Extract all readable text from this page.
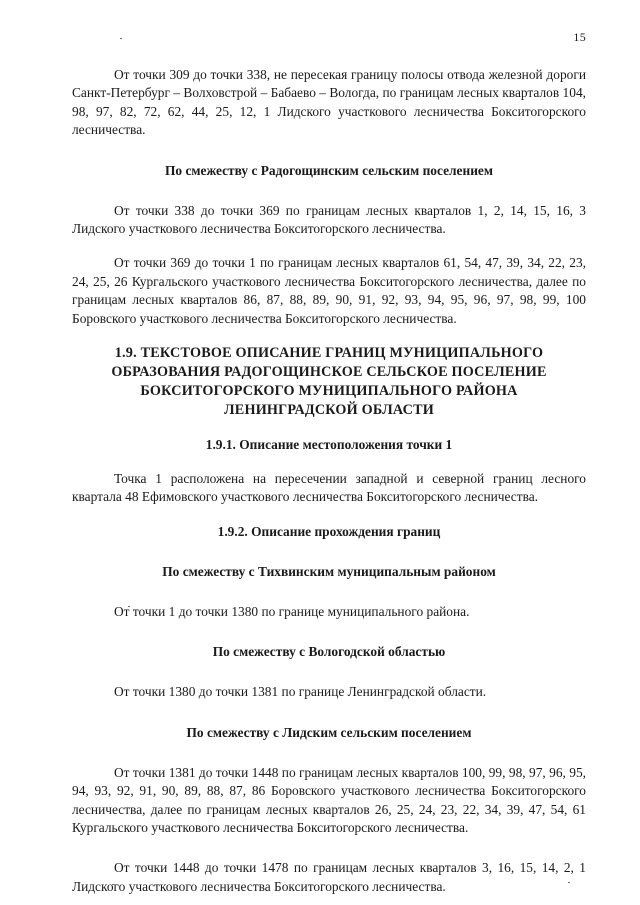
15

От точки 309 до точки 338, не пересекая границу полосы отвода железной дороги Санкт-Петербург – Волховстрой – Бабаево – Вологда, по границам лесных кварталов 104, 98, 97, 82, 72, 62, 44, 25, 12, 1 Лидского участкового лесничества Бокситогорского лесничества.

По смежеству с Радогощинским сельским поселением

От точки 338 до точки 369 по границам лесных кварталов 1, 2, 14, 15, 16, 3 Лидского участкового лесничества Бокситогорского лесничества.

От точки 369 до точки 1 по границам лесных кварталов 61, 54, 47, 39, 34, 22, 23, 24, 25, 26 Кургальского участкового лесничества Бокситогорского лесничества, далее по границам лесных кварталов 86, 87, 88, 89, 90, 91, 92, 93, 94, 95, 96, 97, 98, 99, 100 Боровского участкового лесничества Бокситогорского лесничества.

1.9. ТЕКСТОВОЕ ОПИСАНИЕ ГРАНИЦ МУНИЦИПАЛЬНОГО
ОБРАЗОВАНИЯ РАДОГОЩИНСКОЕ СЕЛЬСКОЕ ПОСЕЛЕНИЕ
БОКСИТОГОРСКОГО МУНИЦИПАЛЬНОГО РАЙОНА
ЛЕНИНГРАДСКОЙ ОБЛАСТИ
1.9.1. Описание местоположения точки 1

Точка 1 расположена на пересечении западной и северной границ лесного квартала 48 Ефимовского участкового лесничества Бокситогорского лесничества.

1.9.2. Описание прохождения границ
По смежеству с Тихвинским муниципальным районом

От точки 1 до точки 1380 по границе муниципального района.

По смежеству с Вологодской областью

От точки 1380 до точки 1381 по границе Ленинградской области.

По смежеству с Лидским сельским поселением

От точки 1381 до точки 1448 по границам лесных кварталов 100, 99, 98, 97, 96, 95, 94, 93, 92, 91, 90, 89, 88, 87, 86 Боровского участкового лесничества Бокситогорского лесничества, далее по границам лесных кварталов 26, 25, 24, 23, 22, 34, 39, 47, 54, 61 Кургальского участкового лесничества Бокситогорского лесничества.

От точки 1448 до точки 1478 по границам лесных кварталов 3, 16, 15, 14, 2, 1 Лидского участкового лесничества Бокситогорского лесничества.
